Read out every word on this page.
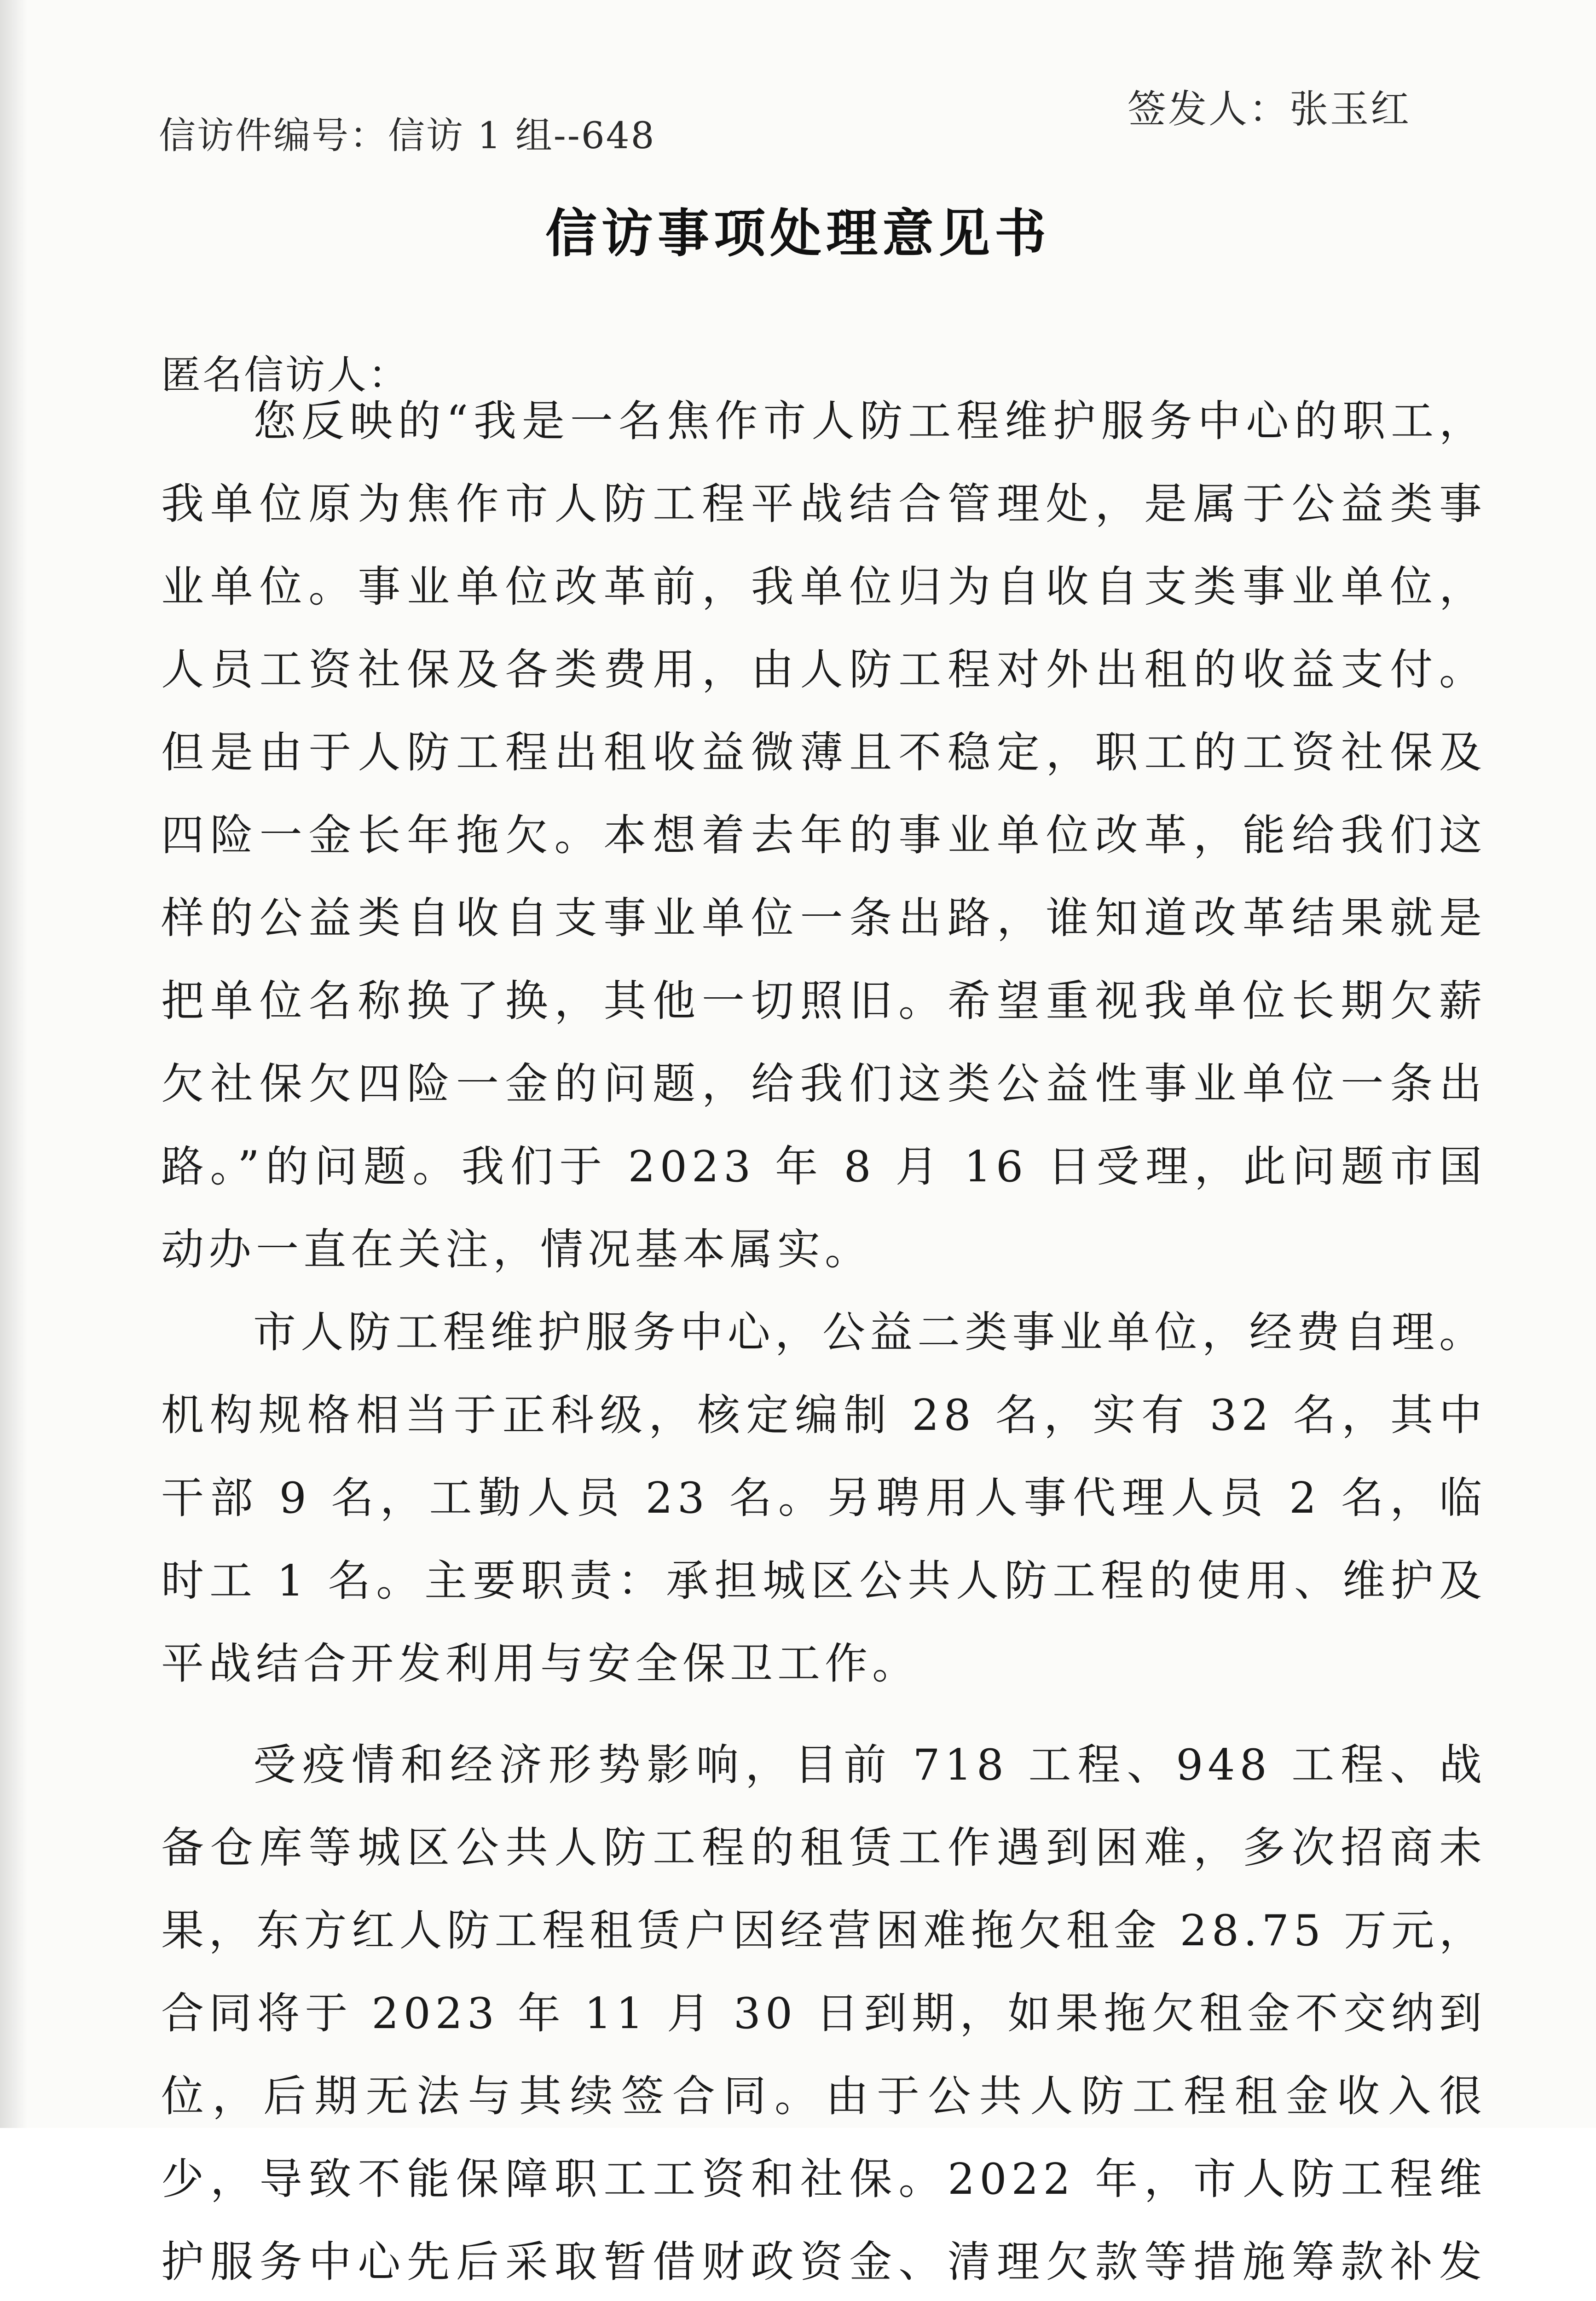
签发人：张玉红
信访件编号：信访 1 组--648
信访事项处理意见书
匿名信访人：

您反映的“我是一名焦作市人防工程维护服务中心的职工，我单位原为焦作市人防工程平战结合管理处，是属于公益类事业单位。事业单位改革前，我单位归为自收自支类事业单位，人员工资社保及各类费用，由人防工程对外出租的收益支付。但是由于人防工程出租收益微薄且不稳定，职工的工资社保及四险一金长年拖欠。本想着去年的事业单位改革，能给我们这样的公益类自收自支事业单位一条出路，谁知道改革结果就是把单位名称换了换，其他一切照旧。希望重视我单位长期欠薪欠社保欠四险一金的问题，给我们这类公益性事业单位一条出路。”的问题。我们于 2023 年 8 月 16 日受理，此问题市国动办一直在关注，情况基本属实。

市人防工程维护服务中心，公益二类事业单位，经费自理。机构规格相当于正科级，核定编制 28 名，实有 32 名，其中干部 9 名，工勤人员 23 名。另聘用人事代理人员 2 名，临时工 1 名。主要职责：承担城区公共人防工程的使用、维护及平战结合开发利用与安全保卫工作。

受疫情和经济形势影响，目前 718 工程、948 工程、战备仓库等城区公共人防工程的租赁工作遇到困难，多次招商未果，东方红人防工程租赁户因经营困难拖欠租金 28.75 万元，合同将于 2023 年 11 月 30 日到期，如果拖欠租金不交纳到位，后期无法与其续签合同。由于公共人防工程租金收入很少，导致不能保障职工工资和社保。2022 年，市人防工程维护服务中心先后采取暂借财政资金、清理欠款等措施筹款补发
